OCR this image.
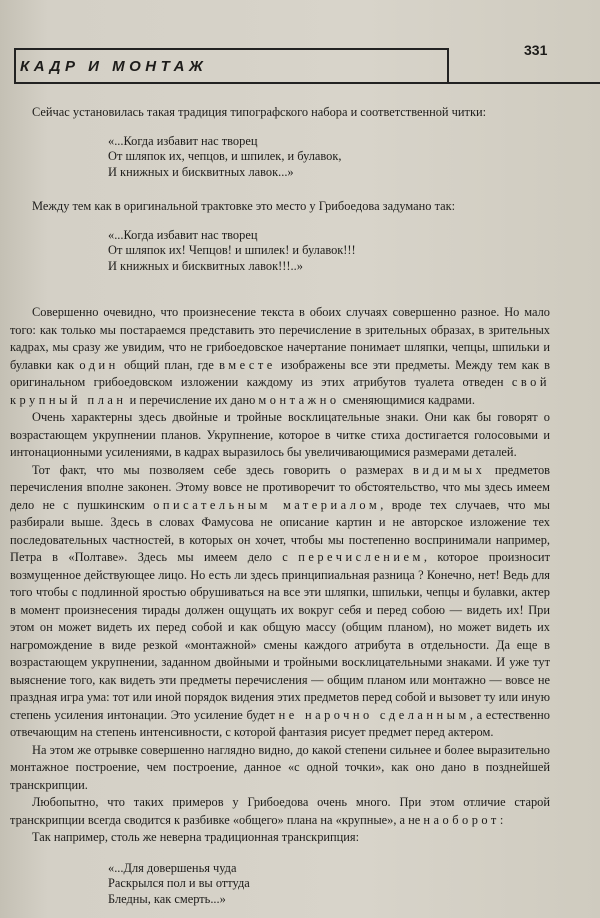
КАДР И МОНТАЖ
331

Сейчас установилась такая традиция типографского набора и соответственной читки:

«...Когда избавит нас творец
От шляпок их, чепцов, и шпилек, и булавок,
И книжных и бисквитных лавок...»

Между тем как в оригинальной трактовке это место у Грибоедова задумано так:

«...Когда избавит нас творец
От шляпок их! Чепцов! и шпилек! и булавок!!!
И книжных и бисквитных лавок!!!..»

Совершенно очевидно, что произнесение текста в обоих случаях совершенно разное. Но мало того: как только мы постараемся представить это перечисление в зрительных образах, в зрительных кадрах, мы сразу же увидим, что не грибоедовское начертание понимает шляпки, чепцы, шпильки и булавки как один общий план, где вместе изображены все эти предметы. Между тем как в оригинальном грибоедовском изложении каждому из этих атрибутов туалета отведен свой крупный план и перечисление их дано монтажно сменяющимися кадрами.

Очень характерны здесь двойные и тройные восклицательные знаки. Они как бы говорят о возрастающем укрупнении планов. Укрупнение, которое в читке стиха достигается голосовыми и интонационными усилениями, в кадрах выразилось бы увеличивающимися размерами деталей.

Тот факт, что мы позволяем себе здесь говорить о размерах видимых предметов перечисления вполне законен. Этому вовсе не противоречит то обстоятельство, что мы здесь имеем дело не с пушкинским описательным материалом, вроде тех случаев, что мы разбирали выше. Здесь в словах Фамусова не описание картин и не авторское изложение тех последовательных частностей, в которых он хочет, чтобы мы постепенно воспринимали например, Петра в «Полтаве». Здесь мы имеем дело с перечислением, которое произносит возмущенное действующее лицо. Но есть ли здесь принципиальная разница ? Конечно, нет! Ведь для того чтобы с подлинной яростью обрушиваться на все эти шляпки, шпильки, чепцы и булавки, актер в момент произнесения тирады должен ощущать их вокруг себя и перед собою — видеть их! При этом он может видеть их перед собой и как общую массу (общим планом), но может видеть их нагромождение в виде резкой «монтажной» смены каждого атрибута в отдельности. Да еще в возрастающем укрупнении, заданном двойными и тройными восклицательными знаками. И уже тут выяснение того, как видеть эти предметы перечисления — общим планом или монтажно — вовсе не праздная игра ума: тот или иной порядок видения этих предметов перед собой и вызовет ту или иную степень усиления интонации. Это усиление будет не нарочно сделанным, а естественно отвечающим на степень интенсивности, с которой фантазия рисует предмет перед актером.

На этом же отрывке совершенно наглядно видно, до какой степени сильнее и более выразительно монтажное построение, чем построение, данное «с одной точки», как оно дано в позднейшей транскрипции.

Любопытно, что таких примеров у Грибоедова очень много. При этом отличие старой транскрипции всегда сводится к разбивке «общего» плана на «крупные», а не наоборот:

Так например, столь же неверна традиционная транскрипция:

«...Для довершенья чуда
Раскрылся пол и вы оттуда
Бледны, как смерть...»
